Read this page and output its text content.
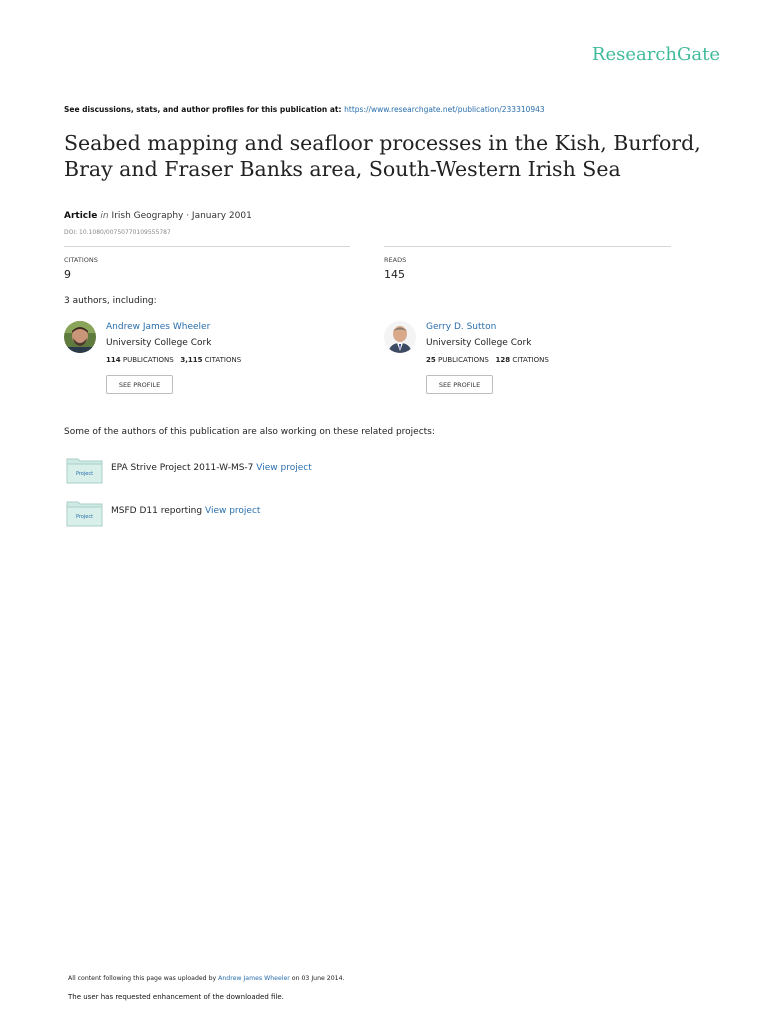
ResearchGate
See discussions, stats, and author profiles for this publication at: https://www.researchgate.net/publication/233310943
Seabed mapping and seafloor processes in the Kish, Burford, Bray and Fraser Banks area, South-Western Irish Sea
Article in Irish Geography · January 2001
DOI: 10.1080/00750770109555787
CITATIONS
9
READS
145
3 authors, including:
Andrew James Wheeler
University College Cork
114 PUBLICATIONS 3,115 CITATIONS
SEE PROFILE
Gerry D. Sutton
University College Cork
25 PUBLICATIONS 128 CITATIONS
SEE PROFILE
Some of the authors of this publication are also working on these related projects:
Project
EPA Strive Project 2011-W-MS-7 View project
Project
MSFD D11 reporting View project
All content following this page was uploaded by Andrew James Wheeler on 03 June 2014.
The user has requested enhancement of the downloaded file.
